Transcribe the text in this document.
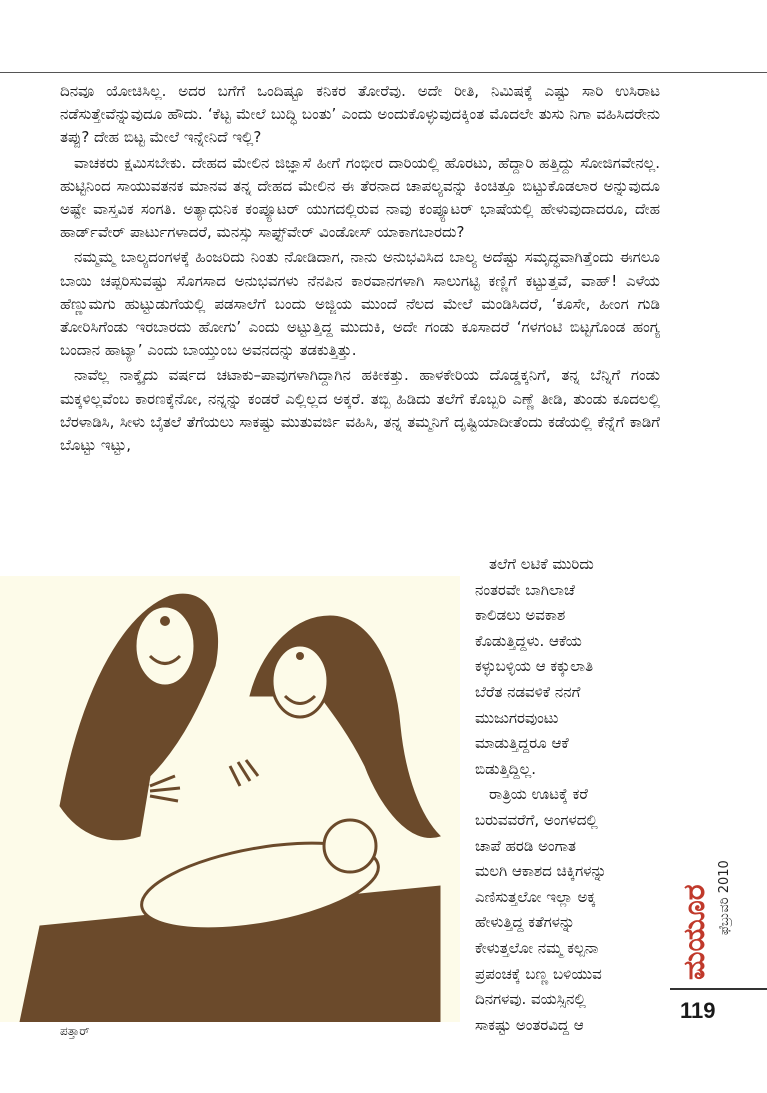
ದಿನವೂ ಯೋಚಿಸಿಲ್ಲ. ಅದರ ಬಗೆಗೆ ಒಂದಿಷ್ಟೂ ಕನಿಕರ ತೋರೆವು. ಅದೇ ರೀತಿ, ನಿಮಿಷಕ್ಕೆ ಎಷ್ಟು ಸಾರಿ ಉಸಿರಾಟ ನಡೆಸುತ್ತೇವೆನ್ನುವುದೂ ಹೌದು. ‘ಕೆಟ್ಟ ಮೇಲೆ ಬುದ್ಧಿ ಬಂತು’ ಎಂದು ಅಂದುಕೊಳ್ಳುವುದಕ್ಕಿಂತ ಮೊದಲೇ ತುಸು ನಿಗಾ ವಹಿಸಿದರೇನು ತಪ್ಪು? ದೇಹ ಬಿಟ್ಟ ಮೇಲೆ ಇನ್ನೇನಿದೆ ಇಲ್ಲಿ?

ವಾಚಕರು ಕ್ಷಮಿಸಬೇಕು. ದೇಹದ ಮೇಲಿನ ಜಿಜ್ಞಾಸೆ ಹೀಗೆ ಗಂಭೀರ ದಾರಿಯಲ್ಲಿ ಹೊರಟು, ಹೆದ್ದಾರಿ ಹತ್ತಿದ್ದು ಸೋಜಿಗವೇನಲ್ಲ. ಹುಟ್ಟಿನಿಂದ ಸಾಯುವತನಕ ಮಾನವ ತನ್ನ ದೇಹದ ಮೇಲಿನ ಈ ತೆರನಾದ ಚಾಪಲ್ಯವನ್ನು ಕಿಂಚಿತ್ತೂ ಬಿಟ್ಟುಕೊಡಲಾರ ಅನ್ನುವುದೂ ಅಷ್ಟೇ ವಾಸ್ತವಿಕ ಸಂಗತಿ. ಅತ್ಯಾಧುನಿಕ ಕಂಪ್ಯೂಟರ್ ಯುಗದಲ್ಲಿರುವ ನಾವು ಕಂಪ್ಯೂಟರ್ ಭಾಷೆಯಲ್ಲಿ ಹೇಳುವುದಾದರೂ, ದೇಹ ಹಾರ್ಡ್‌ವೇರ್ ಪಾರ್ಟುಗಳಾದರೆ, ಮನಸ್ಸು ಸಾಫ್ಟ್‌ವೇರ್ ವಿಂಡೋಸ್ ಯಾಕಾಗಬಾರದು?

ನಮ್ಮಮ್ಮ ಬಾಲ್ಯದಂಗಳಕ್ಕೆ ಹಿಂಜರಿದು ನಿಂತು ನೋಡಿದಾಗ, ನಾನು ಅನುಭವಿಸಿದ ಬಾಲ್ಯ ಅದೆಷ್ಟು ಸಮೃದ್ಧವಾಗಿತ್ತೆಂದು ಈಗಲೂ ಬಾಯಿ ಚಪ್ಪರಿಸುವಷ್ಟು ಸೊಗಸಾದ ಅನುಭವಗಳು ನೆನಪಿನ ಕಾರವಾನಗಳಾಗಿ ಸಾಲುಗಟ್ಟಿ ಕಣ್ಣಿಗೆ ಕಟ್ಟುತ್ತವೆ, ವಾಹ್! ಎಳೆಯ ಹೆಣ್ಣುಮಗು ಹುಟ್ಟುಡುಗೆಯಲ್ಲಿ ಪಡಸಾಲೆಗೆ ಬಂದು ಅಜ್ಜಿಯ ಮುಂದೆ ನೆಲದ ಮೇಲೆ ಮಂಡಿಸಿದರೆ, ‘ಕೂಸೇ, ಹೀಂಗ ಗುಡಿ ತೋರಿಸಿಗೆಂಡು ಇರಬಾರದು ಹೋಗು’ ಎಂದು ಅಟ್ಟುತ್ತಿದ್ದ ಮುದುಕಿ, ಅದೇ ಗಂಡು ಕೂಸಾದರೆ ‘ಗಳಗಂಟಿ ಬಿಟ್ಟಗೊಂಡ ಹಂಗ್ಯ ಬಂದಾನ ಹಾಟ್ಯಾ’ ಎಂದು ಬಾಯ್ತುಂಬ ಅವನದನ್ನು ತಡಕುತ್ತಿತ್ತು.

ನಾವೆಲ್ಲ ನಾಕ್ಕೈದು ವರ್ಷದ ಚಟಾಕು–ಪಾವುಗಳಾಗಿದ್ದಾಗಿನ ಹಕೀಕತ್ತು. ಹಾಳಕೇರಿಯ ದೊಡ್ಡಕ್ಕನಿಗೆ, ತನ್ನ ಬೆನ್ನಿಗೆ ಗಂಡು ಮಕ್ಕಳಿಲ್ಲವೆಂಬ ಕಾರಣಕ್ಕೆನೋ, ನನ್ನನ್ನು ಕಂಡರೆ ಎಲ್ಲಿಲ್ಲದ ಅಕ್ಕರೆ. ತಬ್ಬಿ ಹಿಡಿದು ತಲೆಗೆ ಕೊಬ್ಬರಿ ಎಣ್ಣೆ ತೀಡಿ, ತುಂಡು ಕೂದಲಲ್ಲಿ ಬೆರಳಾಡಿಸಿ, ಸೀಳು ಬೈತಲೆ ತೆಗೆಯಲು ಸಾಕಷ್ಟು ಮುತುವರ್ಜಿ ವಹಿಸಿ, ತನ್ನ ತಮ್ಮನಿಗೆ ದೃಷ್ಟಿಯಾದೀತೆಂದು ಕಡೆಯಲ್ಲಿ ಕೆನ್ನೆಗೆ ಕಾಡಿಗೆ ಬೊಟ್ಟು ಇಟ್ಟು,

ಪತ್ತಾರ್

ತಲೆಗೆ ಲಟಿಕೆ ಮುರಿದು

ನಂತರವೇ ಬಾಗಿಲಾಚೆ

ಕಾಲಿಡಲು ಅವಕಾಶ

ಕೊಡುತ್ತಿದ್ದಳು. ಆಕೆಯ

ಕಳ್ಳುಬಳ್ಳಿಯ ಆ ಕಕ್ಕುಲಾತಿ

ಬೆರೆತ ನಡವಳಿಕೆ ನನಗೆ

ಮುಜುಗರವುಂಟು

ಮಾಡುತ್ತಿದ್ದರೂ ಆಕೆ

ಬಿಡುತ್ತಿದ್ದಿಲ್ಲ.

ರಾತ್ರಿಯ ಊಟಕ್ಕೆ ಕರೆ

ಬರುವವರೆಗೆ, ಅಂಗಳದಲ್ಲಿ

ಚಾಪೆ ಹರಡಿ ಅಂಗಾತ

ಮಲಗಿ ಆಕಾಶದ ಚಿಕ್ಕಿಗಳನ್ನು

ಎಣಿಸುತ್ತಲೋ ಇಲ್ಲಾ ಅಕ್ಕ

ಹೇಳುತ್ತಿದ್ದ ಕತೆಗಳನ್ನು

ಕೇಳುತ್ತಲೋ ನಮ್ಮ ಕಲ್ಪನಾ

ಪ್ರಪಂಚಕ್ಕೆ ಬಣ್ಣ ಬಳಿಯುವ

ದಿನಗಳವು. ವಯಸ್ಸಿನಲ್ಲಿ

ಸಾಕಷ್ಟು ಅಂತರವಿದ್ದ ಆ

ಮಯೂರ ಫೆಬ್ರುವರಿ 2010
119
